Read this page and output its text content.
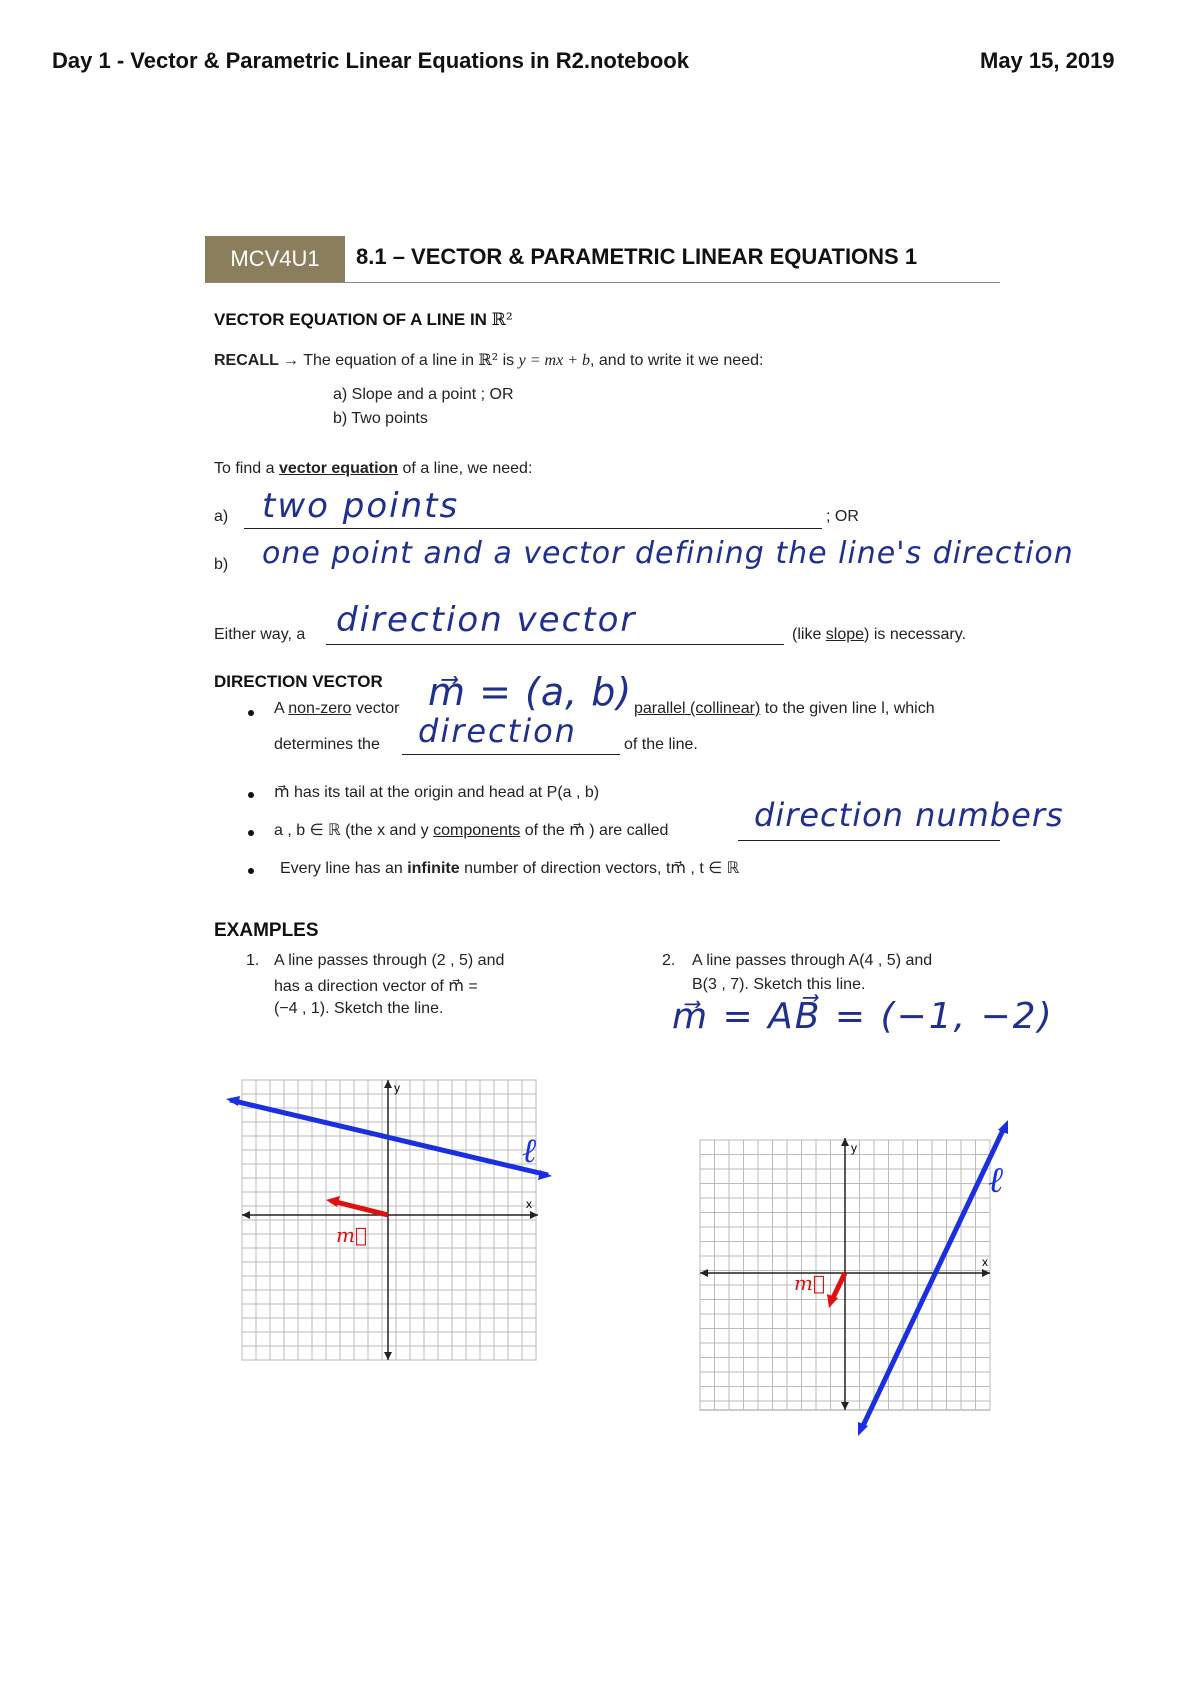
Day 1 - Vector & Parametric Linear Equations in R2.notebook	May 15, 2019
MCV4U1	8.1 – VECTOR & PARAMETRIC LINEAR EQUATIONS 1
VECTOR EQUATION OF A LINE IN ℝ²
RECALL → The equation of a line in ℝ² is y = mx + b, and to write it we need:
a) Slope and a point ; OR
b) Two points
To find a vector equation of a line, we need:
a) two points	; OR
b) one point and a vector defining the line's direction
Either way, a direction vector	(like slope) is necessary.
DIRECTION VECTOR
A non-zero vector m⃗ = (a, b) parallel (collinear) to the given line l, which
determines the direction	of the line.
m⃗ has its tail at the origin and head at P(a , b)
a , b ∈ ℝ (the x and y components of the m⃗ ) are called	direction numbers
Every line has an infinite number of direction vectors, tm⃗ , t ∈ ℝ
EXAMPLES
1. A line passes through (2 , 5) and
has a direction vector of m⃗ =
(−4 , 1). Sketch the line.
2. A line passes through A(4 , 5) and
B(3 , 7). Sketch this line.
m⃗ = AB⃗ = (−1, −2)
x
y
ℓ
m⃗
x
y
ℓ
m⃗
